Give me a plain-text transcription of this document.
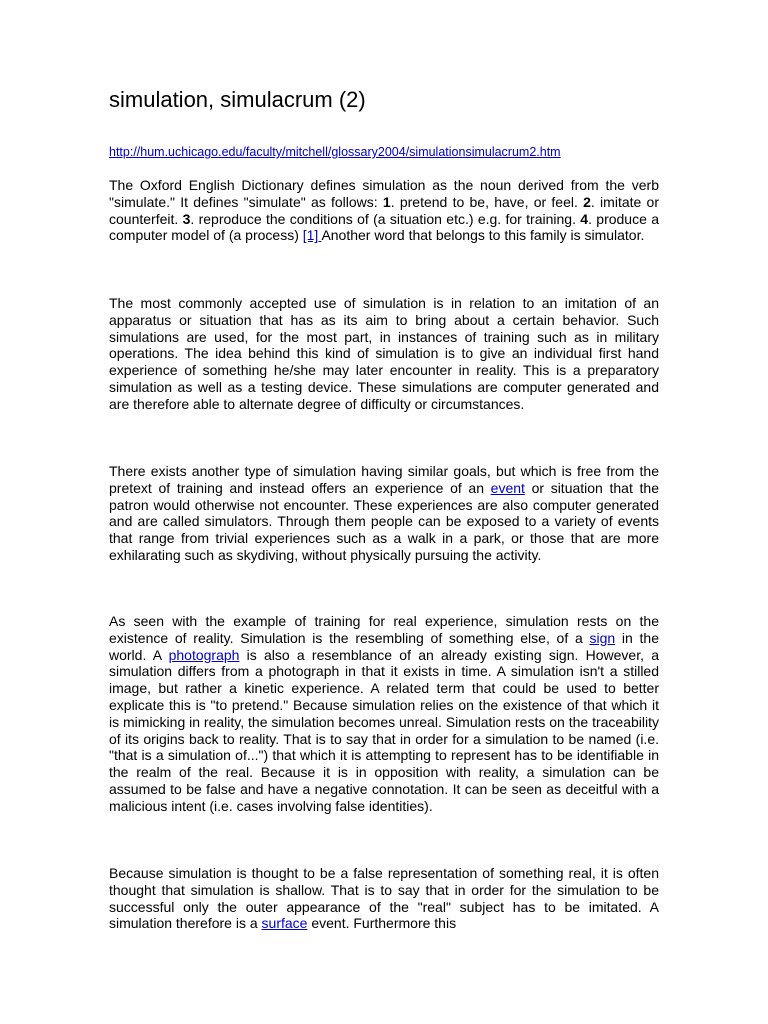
simulation, simulacrum (2)
http://hum.uchicago.edu/faculty/mitchell/glossary2004/simulationsimulacrum2.htm

The Oxford English Dictionary defines simulation as the noun derived from the verb "simulate." It defines "simulate" as follows: 1. pretend to be, have, or feel. 2. imitate or counterfeit. 3. reproduce the conditions of (a situation etc.) e.g. for training. 4. produce a computer model of (a process) [1] Another word that belongs to this family is simulator.

The most commonly accepted use of simulation is in relation to an imitation of an apparatus or situation that has as its aim to bring about a certain behavior. Such simulations are used, for the most part, in instances of training such as in military operations. The idea behind this kind of simulation is to give an individual first hand experience of something he/she may later encounter in reality. This is a preparatory simulation as well as a testing device. These simulations are computer generated and are therefore able to alternate degree of difficulty or circumstances.

There exists another type of simulation having similar goals, but which is free from the pretext of training and instead offers an experience of an event or situation that the patron would otherwise not encounter. These experiences are also computer generated and are called simulators. Through them people can be exposed to a variety of events that range from trivial experiences such as a walk in a park, or those that are more exhilarating such as skydiving, without physically pursuing the activity.

As seen with the example of training for real experience, simulation rests on the existence of reality. Simulation is the resembling of something else, of a sign in the world. A photograph is also a resemblance of an already existing sign. However, a simulation differs from a photograph in that it exists in time. A simulation isn't a stilled image, but rather a kinetic experience. A related term that could be used to better explicate this is "to pretend." Because simulation relies on the existence of that which it is mimicking in reality, the simulation becomes unreal. Simulation rests on the traceability of its origins back to reality. That is to say that in order for a simulation to be named (i.e. "that is a simulation of...") that which it is attempting to represent has to be identifiable in the realm of the real. Because it is in opposition with reality, a simulation can be assumed to be false and have a negative connotation. It can be seen as deceitful with a malicious intent (i.e. cases involving false identities).

Because simulation is thought to be a false representation of something real, it is often thought that simulation is shallow. That is to say that in order for the simulation to be successful only the outer appearance of the "real" subject has to be imitated. A simulation therefore is a surface event. Furthermore this
